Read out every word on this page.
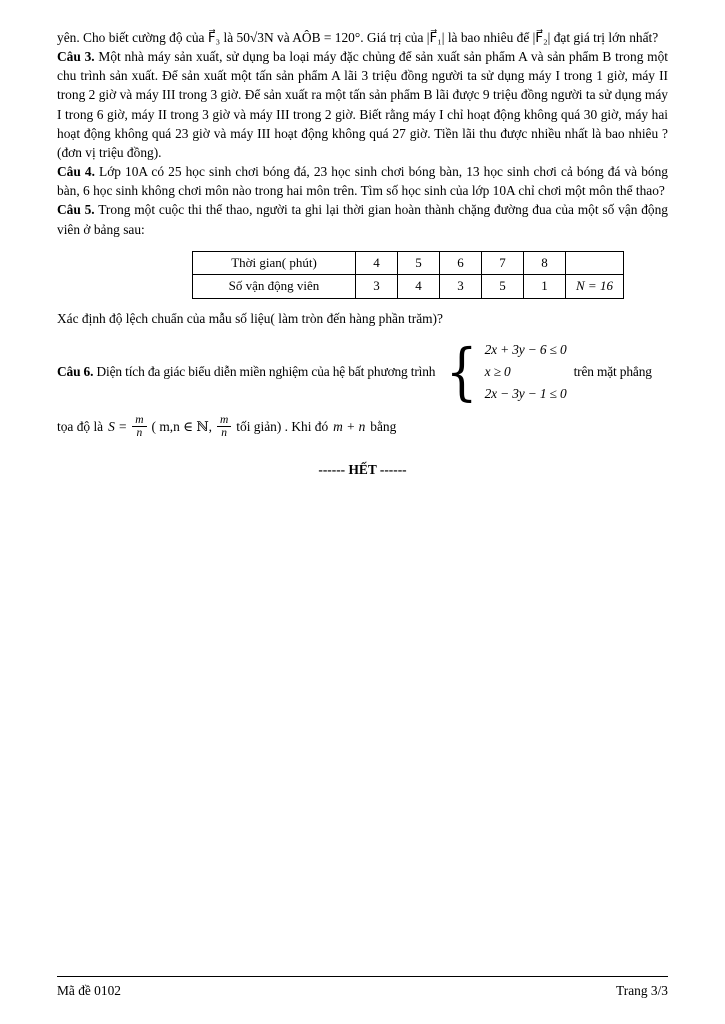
yên. Cho biết cường độ của F⃗₃ là 50√3N và AÔB = 120°. Giá trị của |F⃗₁| là bao nhiêu để |F⃗₂| đạt giá trị lớn nhất?

Câu 3. Một nhà máy sản xuất, sử dụng ba loại máy đặc chủng để sản xuất sản phẩm A và sản phẩm B trong một chu trình sản xuất. Để sản xuất một tấn sản phẩm A lãi 3 triệu đồng người ta sử dụng máy I trong 1 giờ, máy II trong 2 giờ và máy III trong 3 giờ. Để sản xuất ra một tấn sản phẩm B lãi được 9 triệu đồng người ta sử dụng máy I trong 6 giờ, máy II trong 3 giờ và máy III trong 2 giờ. Biết rằng máy I chỉ hoạt động không quá 30 giờ, máy hai hoạt động không quá 23 giờ và máy III hoạt động không quá 27 giờ. Tiền lãi thu được nhiều nhất là bao nhiêu ? (đơn vị triệu đồng).

Câu 4. Lớp 10A có 25 học sinh chơi bóng đá, 23 học sinh chơi bóng bàn, 13 học sinh chơi cả bóng đá và bóng bàn, 6 học sinh không chơi môn nào trong hai môn trên. Tìm số học sinh của lớp 10A chỉ chơi một môn thể thao?

Câu 5. Trong một cuộc thi thể thao, người ta ghi lại thời gian hoàn thành chặng đường đua của một số vận động viên ở bảng sau:

Thời gian( phút)	4	5	6	7	8	
Số vận động viên	3	4	3	5	1	N = 16

Xác định độ lệch chuẩn của mẫu số liệu( làm tròn đến hàng phần trăm)?

Câu 6. Diện tích đa giác biểu diễn miền nghiệm của hệ bất phương trình { 2x + 3y − 6 ≤ 0
x ≥ 0
2x − 3y − 1 ≤ 0
trên mặt phẳng
tọa độ là $S = \frac{m}{n}$ ( m,n ∈ ℕ, $\frac{m}{n}$ tối giản) . Khi đó m + n bằng

------ HẾT ------

Mã đề 0102	Trang 3/3
